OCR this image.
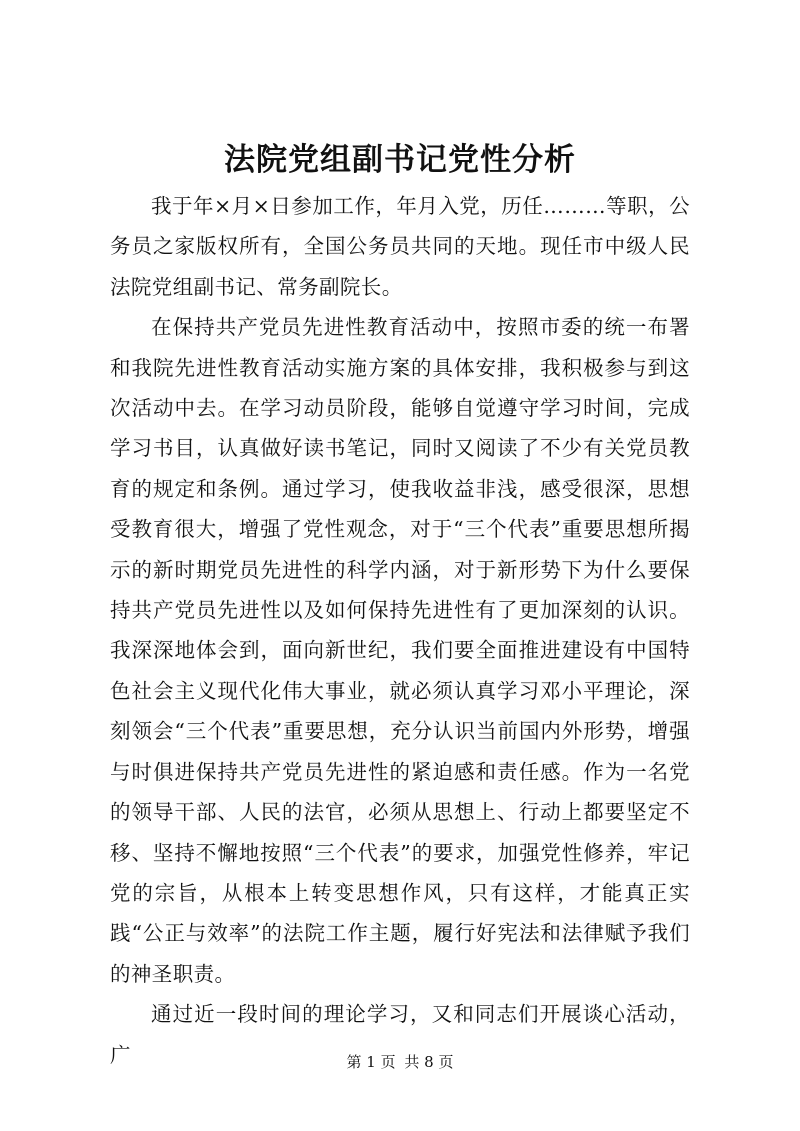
法院党组副书记党性分析

我于年×月×日参加工作，年月入党，历任………等职，公务员之家版权所有，全国公务员共同的天地。现任市中级人民法院党组副书记、常务副院长。

在保持共产党员先进性教育活动中，按照市委的统一布署和我院先进性教育活动实施方案的具体安排，我积极参与到这次活动中去。在学习动员阶段，能够自觉遵守学习时间，完成学习书目，认真做好读书笔记，同时又阅读了不少有关党员教育的规定和条例。通过学习，使我收益非浅，感受很深，思想受教育很大，增强了党性观念，对于“三个代表”重要思想所揭示的新时期党员先进性的科学内涵，对于新形势下为什么要保持共产党员先进性以及如何保持先进性有了更加深刻的认识。我深深地体会到，面向新世纪，我们要全面推进建设有中国特色社会主义现代化伟大事业，就必须认真学习邓小平理论，深刻领会“三个代表”重要思想，充分认识当前国内外形势，增强与时俱进保持共产党员先进性的紧迫感和责任感。作为一名党的领导干部、人民的法官，必须从思想上、行动上都要坚定不移、坚持不懈地按照“三个代表”的要求，加强党性修养，牢记党的宗旨，从根本上转变思想作风，只有这样，才能真正实践“公正与效率”的法院工作主题，履行好宪法和法律赋予我们的神圣职责。

通过近一段时间的理论学习，又和同志们开展谈心活动，广	第 1 页 共 8 页
